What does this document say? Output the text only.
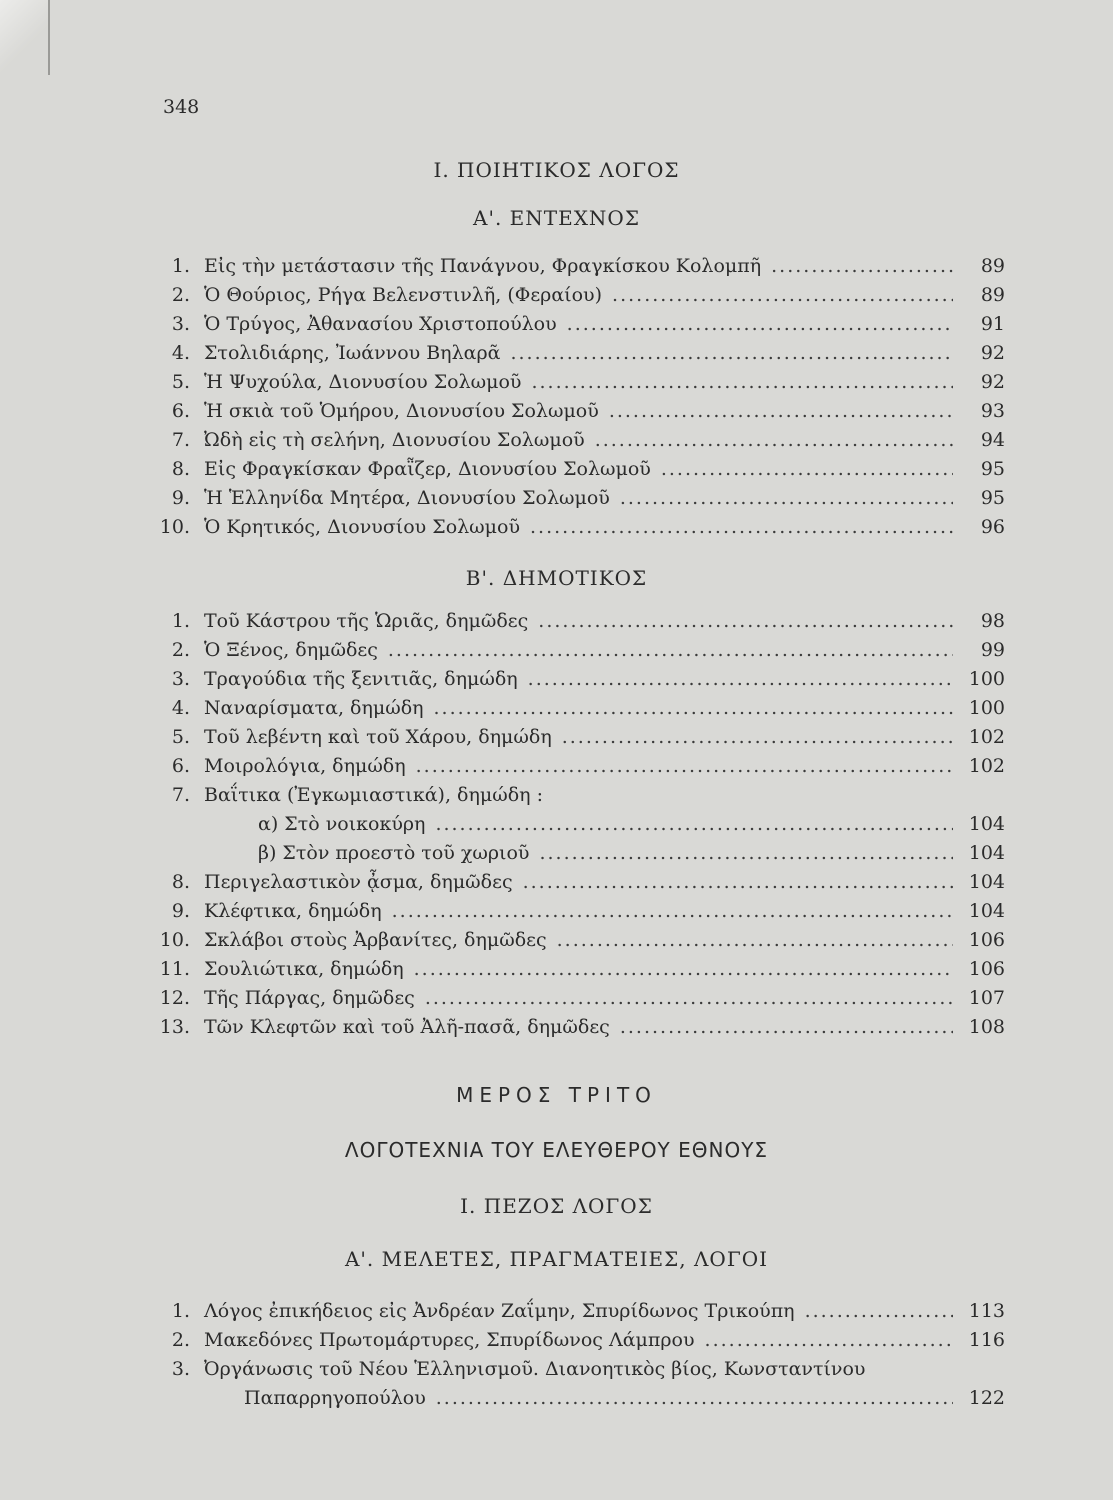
348
Ι. ΠΟΙΗΤΙΚΟΣ ΛΟΓΟΣ
Α'. ΕΝΤΕΧΝΟΣ
1. Εἰς τὴν μετάστασιν τῆς Πανάγνου, Φραγκίσκου Κολομπῆ .....	89
2. Ὁ Θούριος, Ρήγα Βελενστινλῆ, (Φεραίου) .....	89
3. Ὁ Τρύγος, Ἀθανασίου Χριστοπούλου .....	91
4. Στολιδιάρης, Ἰωάννου Βηλαρᾶ .....	92
5. Ἡ Ψυχούλα, Διονυσίου Σολωμοῦ .....	92
6. Ἡ σκιὰ τοῦ Ὁμήρου, Διονυσίου Σολωμοῦ .....	93
7. Ὠδὴ εἰς τὴ σελήνη, Διονυσίου Σολωμοῦ .....	94
8. Εἰς Φραγκίσκαν Φραῗζερ, Διονυσίου Σολωμοῦ .....	95
9. Ἡ Ἑλληνίδα Μητέρα, Διονυσίου Σολωμοῦ .....	95
10. Ὁ Κρητικός, Διονυσίου Σολωμοῦ .....	96
Β'. ΔΗΜΟΤΙΚΟΣ
1. Τοῦ Κάστρου τῆς Ὡριᾶς, δημῶδες .....	98
2. Ὁ Ξένος, δημῶδες .....	99
3. Τραγούδια τῆς ξενιτιᾶς, δημώδη .....	100
4. Ναναρίσματα, δημώδη .....	100
5. Τοῦ λεβέντη καὶ τοῦ Χάρου, δημώδη .....	102
6. Μοιρολόγια, δημώδη .....	102
7. Βαΐτικα (Ἐγκωμιαστικά), δημώδη :
α) Στὸ νοικοκύρη .....	104
β) Στὸν προεστὸ τοῦ χωριοῦ .....	104
8. Περιγελαστικὸν ᾆσμα, δημῶδες .....	104
9. Κλέφτικα, δημώδη .....	104
10. Σκλάβοι στοὺς Ἀρβανίτες, δημῶδες .....	106
11. Σουλιώτικα, δημώδη .....	106
12. Τῆς Πάργας, δημῶδες .....	107
13. Τῶν Κλεφτῶν καὶ τοῦ Ἀλῆ-πασᾶ, δημῶδες .....	108
ΜΕΡΟΣ ΤΡΙΤΟ
ΛΟΓΟΤΕΧΝΙΑ ΤΟΥ ΕΛΕΥΘΕΡΟΥ ΕΘΝΟΥΣ
Ι. ΠΕΖΟΣ ΛΟΓΟΣ
Α'. ΜΕΛΕΤΕΣ, ΠΡΑΓΜΑΤΕΙΕΣ, ΛΟΓΟΙ
1. Λόγος ἐπικήδειος εἰς Ἀνδρέαν Ζαΐμην, Σπυρίδωνος Τρικούπη .....	113
2. Μακεδόνες Πρωτομάρτυρες, Σπυρίδωνος Λάμπρου .....	116
3. Ὀργάνωσις τοῦ Νέου Ἑλληνισμοῦ. Διανοητικὸς βίος, Κωνσταντίνου
Παπαρρηγοπούλου .....	122
